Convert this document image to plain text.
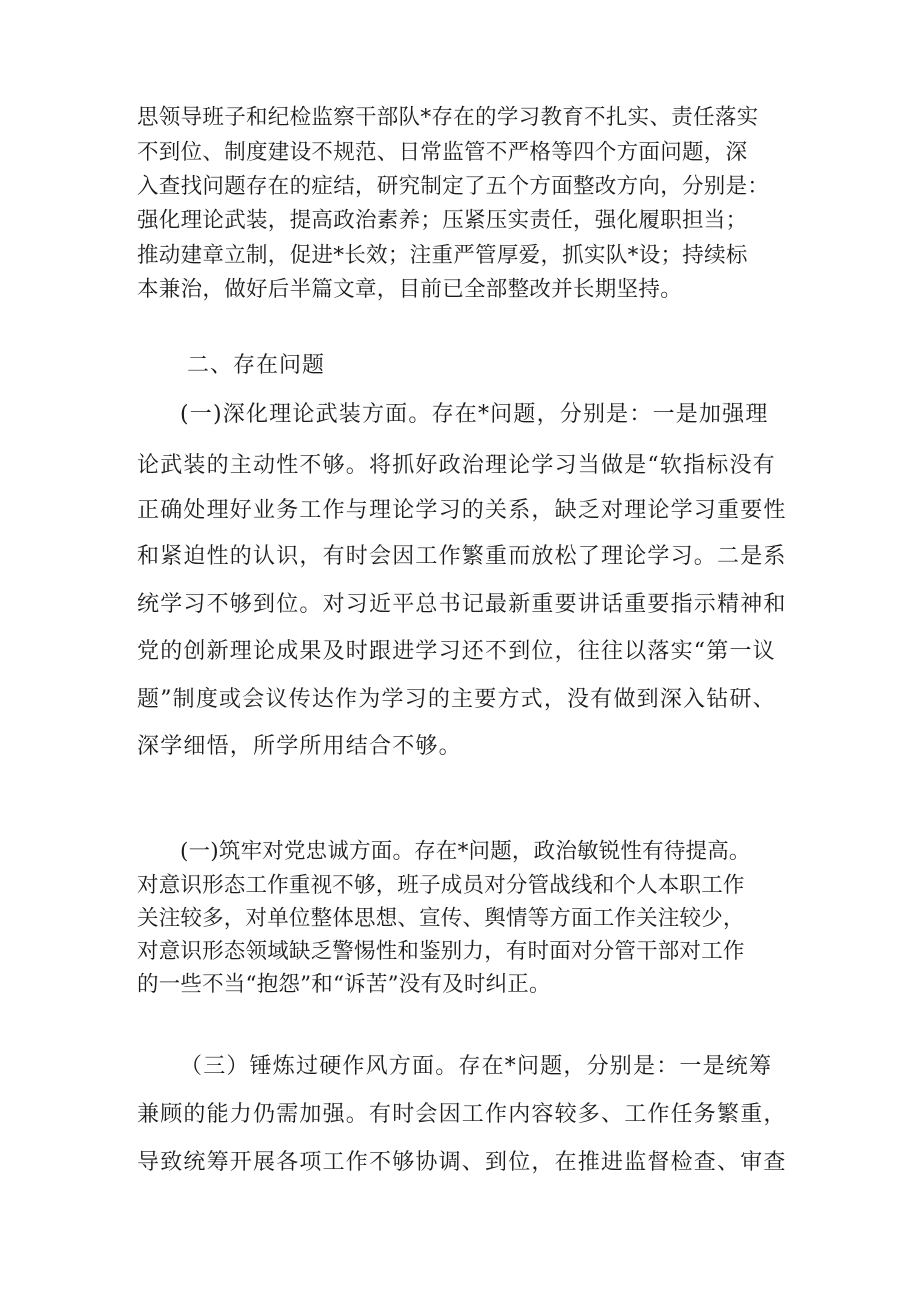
思领导班子和纪检监察干部队*存在的学习教育不扎实、责任落实
不到位、制度建设不规范、日常监管不严格等四个方面问题，深
入查找问题存在的症结，研究制定了五个方面整改方向，分别是：
强化理论武装，提高政治素养；压紧压实责任，强化履职担当；
推动建章立制，促进*长效；注重严管厚爱，抓实队*设；持续标
本兼治，做好后半篇文章，目前已全部整改并长期坚持。
二、存在问题
(一)深化理论武装方面。存在*问题，分别是：一是加强理
论武装的主动性不够。将抓好政治理论学习当做是“软指标没有
正确处理好业务工作与理论学习的关系，缺乏对理论学习重要性
和紧迫性的认识，有时会因工作繁重而放松了理论学习。二是系
统学习不够到位。对习近平总书记最新重要讲话重要指示精神和
党的创新理论成果及时跟进学习还不到位，往往以落实“第一议
题”制度或会议传达作为学习的主要方式，没有做到深入钻研、
深学细悟，所学所用结合不够。
(一)筑牢对党忠诚方面。存在*问题，政治敏锐性有待提高。
对意识形态工作重视不够，班子成员对分管战线和个人本职工作
关注较多，对单位整体思想、宣传、舆情等方面工作关注较少，
对意识形态领域缺乏警惕性和鉴别力，有时面对分管干部对工作
的一些不当“抱怨”和“诉苦”没有及时纠正。
（三）锤炼过硬作风方面。存在*问题，分别是：一是统筹
兼顾的能力仍需加强。有时会因工作内容较多、工作任务繁重，
导致统筹开展各项工作不够协调、到位，在推进监督检查、审查
